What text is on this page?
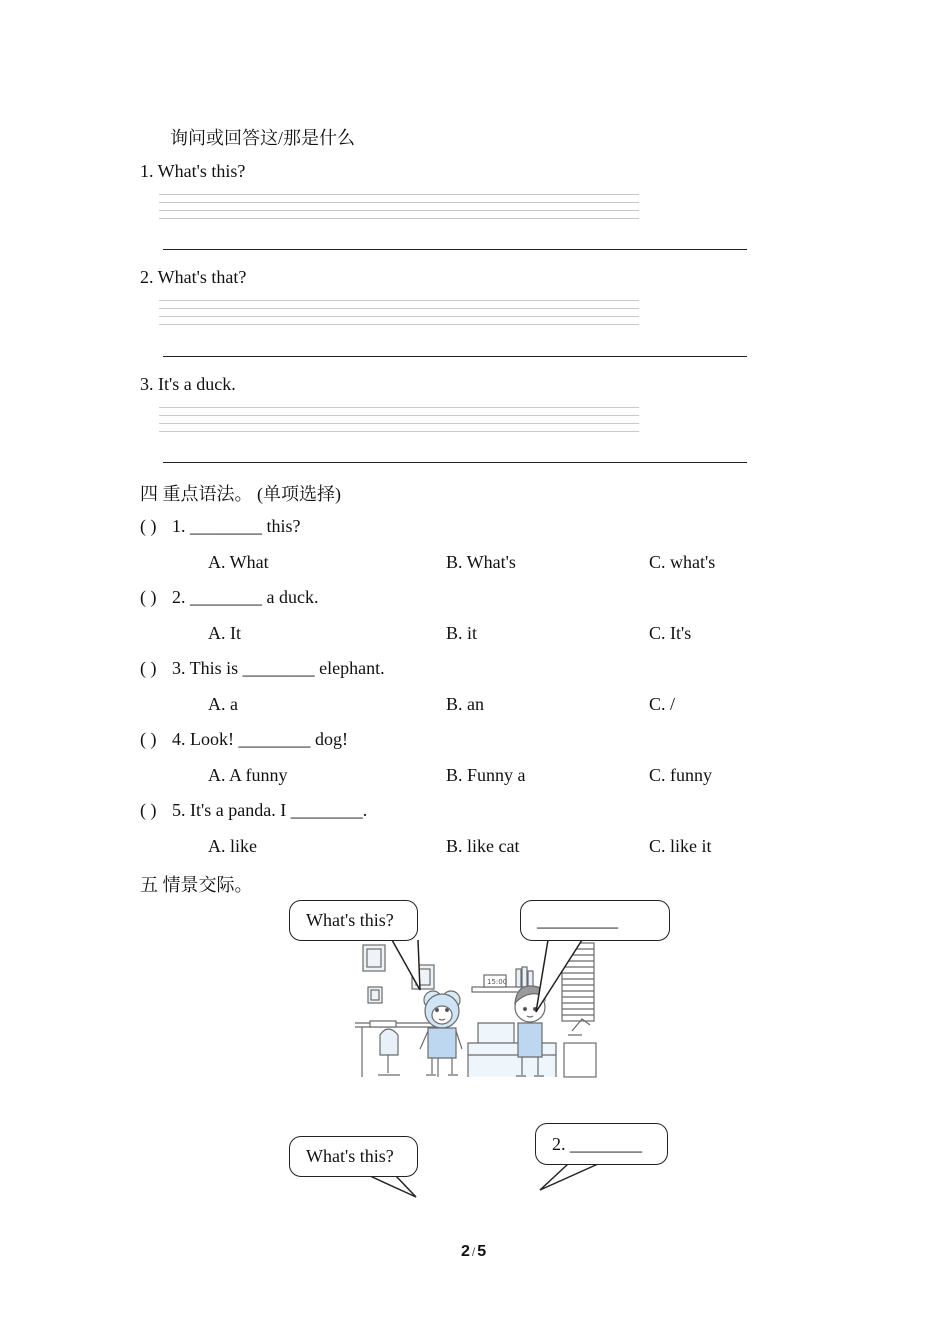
询问或回答这/那是什么
1. What's this?
2. What's that?
3. It's a duck.
四 重点语法。 (单项选择)
( ) 1. ________ this?
A. What	B. What's	C. what's
( ) 2. ________ a duck.
A. It	B. it	C. It's
( ) 3. This is ________ elephant.
A. a	B. an	C. /
( ) 4. Look! ________ dog!
A. A funny	B. Funny a	C. funny
( ) 5. It's a panda. I ________.
A. like	B. like cat	C. like it
五 情景交际。
15:00
What's this?	_________
What's this?
2. ________
2 / 5
